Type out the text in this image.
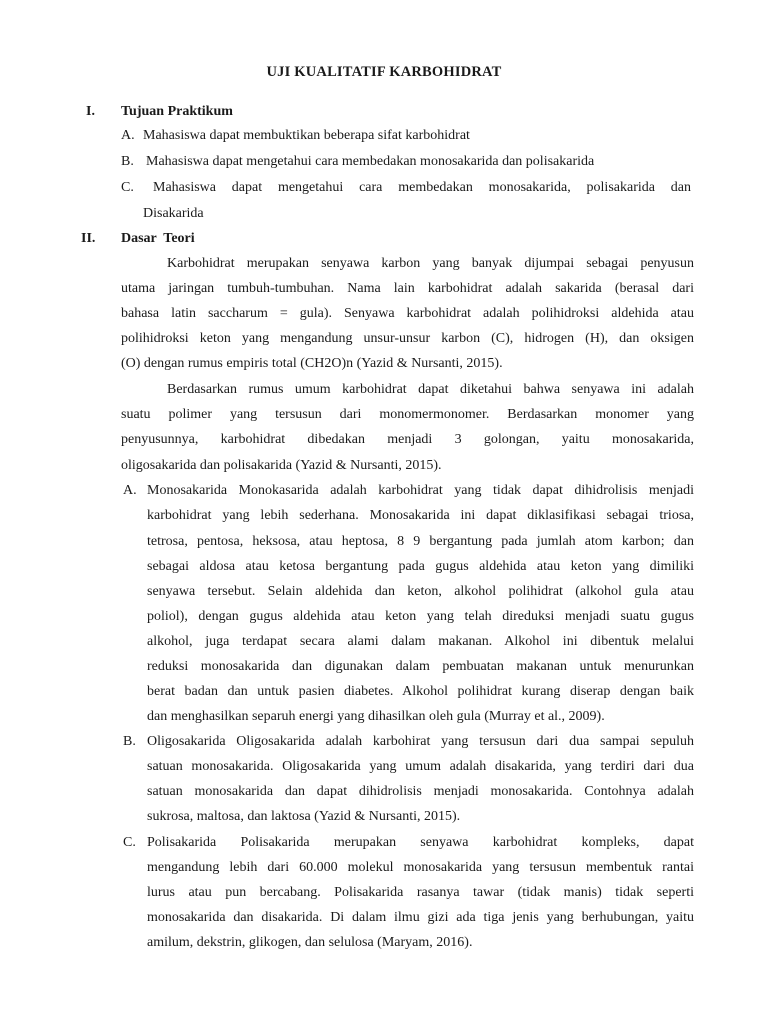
UJI KUALITATIF KARBOHIDRAT
I. Tujuan Praktikum
A. Mahasiswa dapat membuktikan beberapa sifat karbohidrat
B. Mahasiswa dapat mengetahui cara membedakan monosakarida dan polisakarida
C. Mahasiswa dapat mengetahui cara membedakan monosakarida, polisakarida dan
Disakarida
II. Dasar  Teori
Karbohidrat merupakan senyawa karbon yang banyak dijumpai sebagai penyusun
utama jaringan tumbuh-tumbuhan. Nama lain karbohidrat adalah sakarida (berasal dari
bahasa latin saccharum = gula). Senyawa karbohidrat adalah polihidroksi aldehida atau
polihidroksi keton yang mengandung unsur-unsur karbon (C), hidrogen (H), dan oksigen
(O) dengan rumus empiris total (CH2O)n (Yazid & Nursanti, 2015).
Berdasarkan rumus umum karbohidrat dapat diketahui bahwa senyawa ini adalah
suatu polimer yang tersusun dari monomermonomer. Berdasarkan monomer yang
penyusunnya, karbohidrat dibedakan menjadi 3 golongan, yaitu monosakarida,
oligosakarida dan polisakarida (Yazid & Nursanti, 2015).
A. Monosakarida Monokasarida adalah karbohidrat yang tidak dapat dihidrolisis menjadi
karbohidrat yang lebih sederhana. Monosakarida ini dapat diklasifikasi sebagai triosa,
tetrosa, pentosa, heksosa, atau heptosa, 8 9 bergantung pada jumlah atom karbon; dan
sebagai aldosa atau ketosa bergantung pada gugus aldehida atau keton yang dimiliki
senyawa tersebut. Selain aldehida dan keton, alkohol polihidrat (alkohol gula atau
poliol), dengan gugus aldehida atau keton yang telah direduksi menjadi suatu gugus
alkohol, juga terdapat secara alami dalam makanan. Alkohol ini dibentuk melalui
reduksi monosakarida dan digunakan dalam pembuatan makanan untuk menurunkan
berat badan dan untuk pasien diabetes. Alkohol polihidrat kurang diserap dengan baik
dan menghasilkan separuh energi yang dihasilkan oleh gula (Murray et al., 2009).
B. Oligosakarida Oligosakarida adalah karbohirat yang tersusun dari dua sampai sepuluh
satuan monosakarida. Oligosakarida yang umum adalah disakarida, yang terdiri dari dua
satuan monosakarida dan dapat dihidrolisis menjadi monosakarida. Contohnya adalah
sukrosa, maltosa, dan laktosa (Yazid & Nursanti, 2015).
C. Polisakarida Polisakarida merupakan senyawa karbohidrat kompleks, dapat
mengandung lebih dari 60.000 molekul monosakarida yang tersusun membentuk rantai
lurus atau pun bercabang. Polisakarida rasanya tawar (tidak manis) tidak seperti
monosakarida dan disakarida. Di dalam ilmu gizi ada tiga jenis yang berhubungan, yaitu
amilum, dekstrin, glikogen, dan selulosa (Maryam, 2016).
